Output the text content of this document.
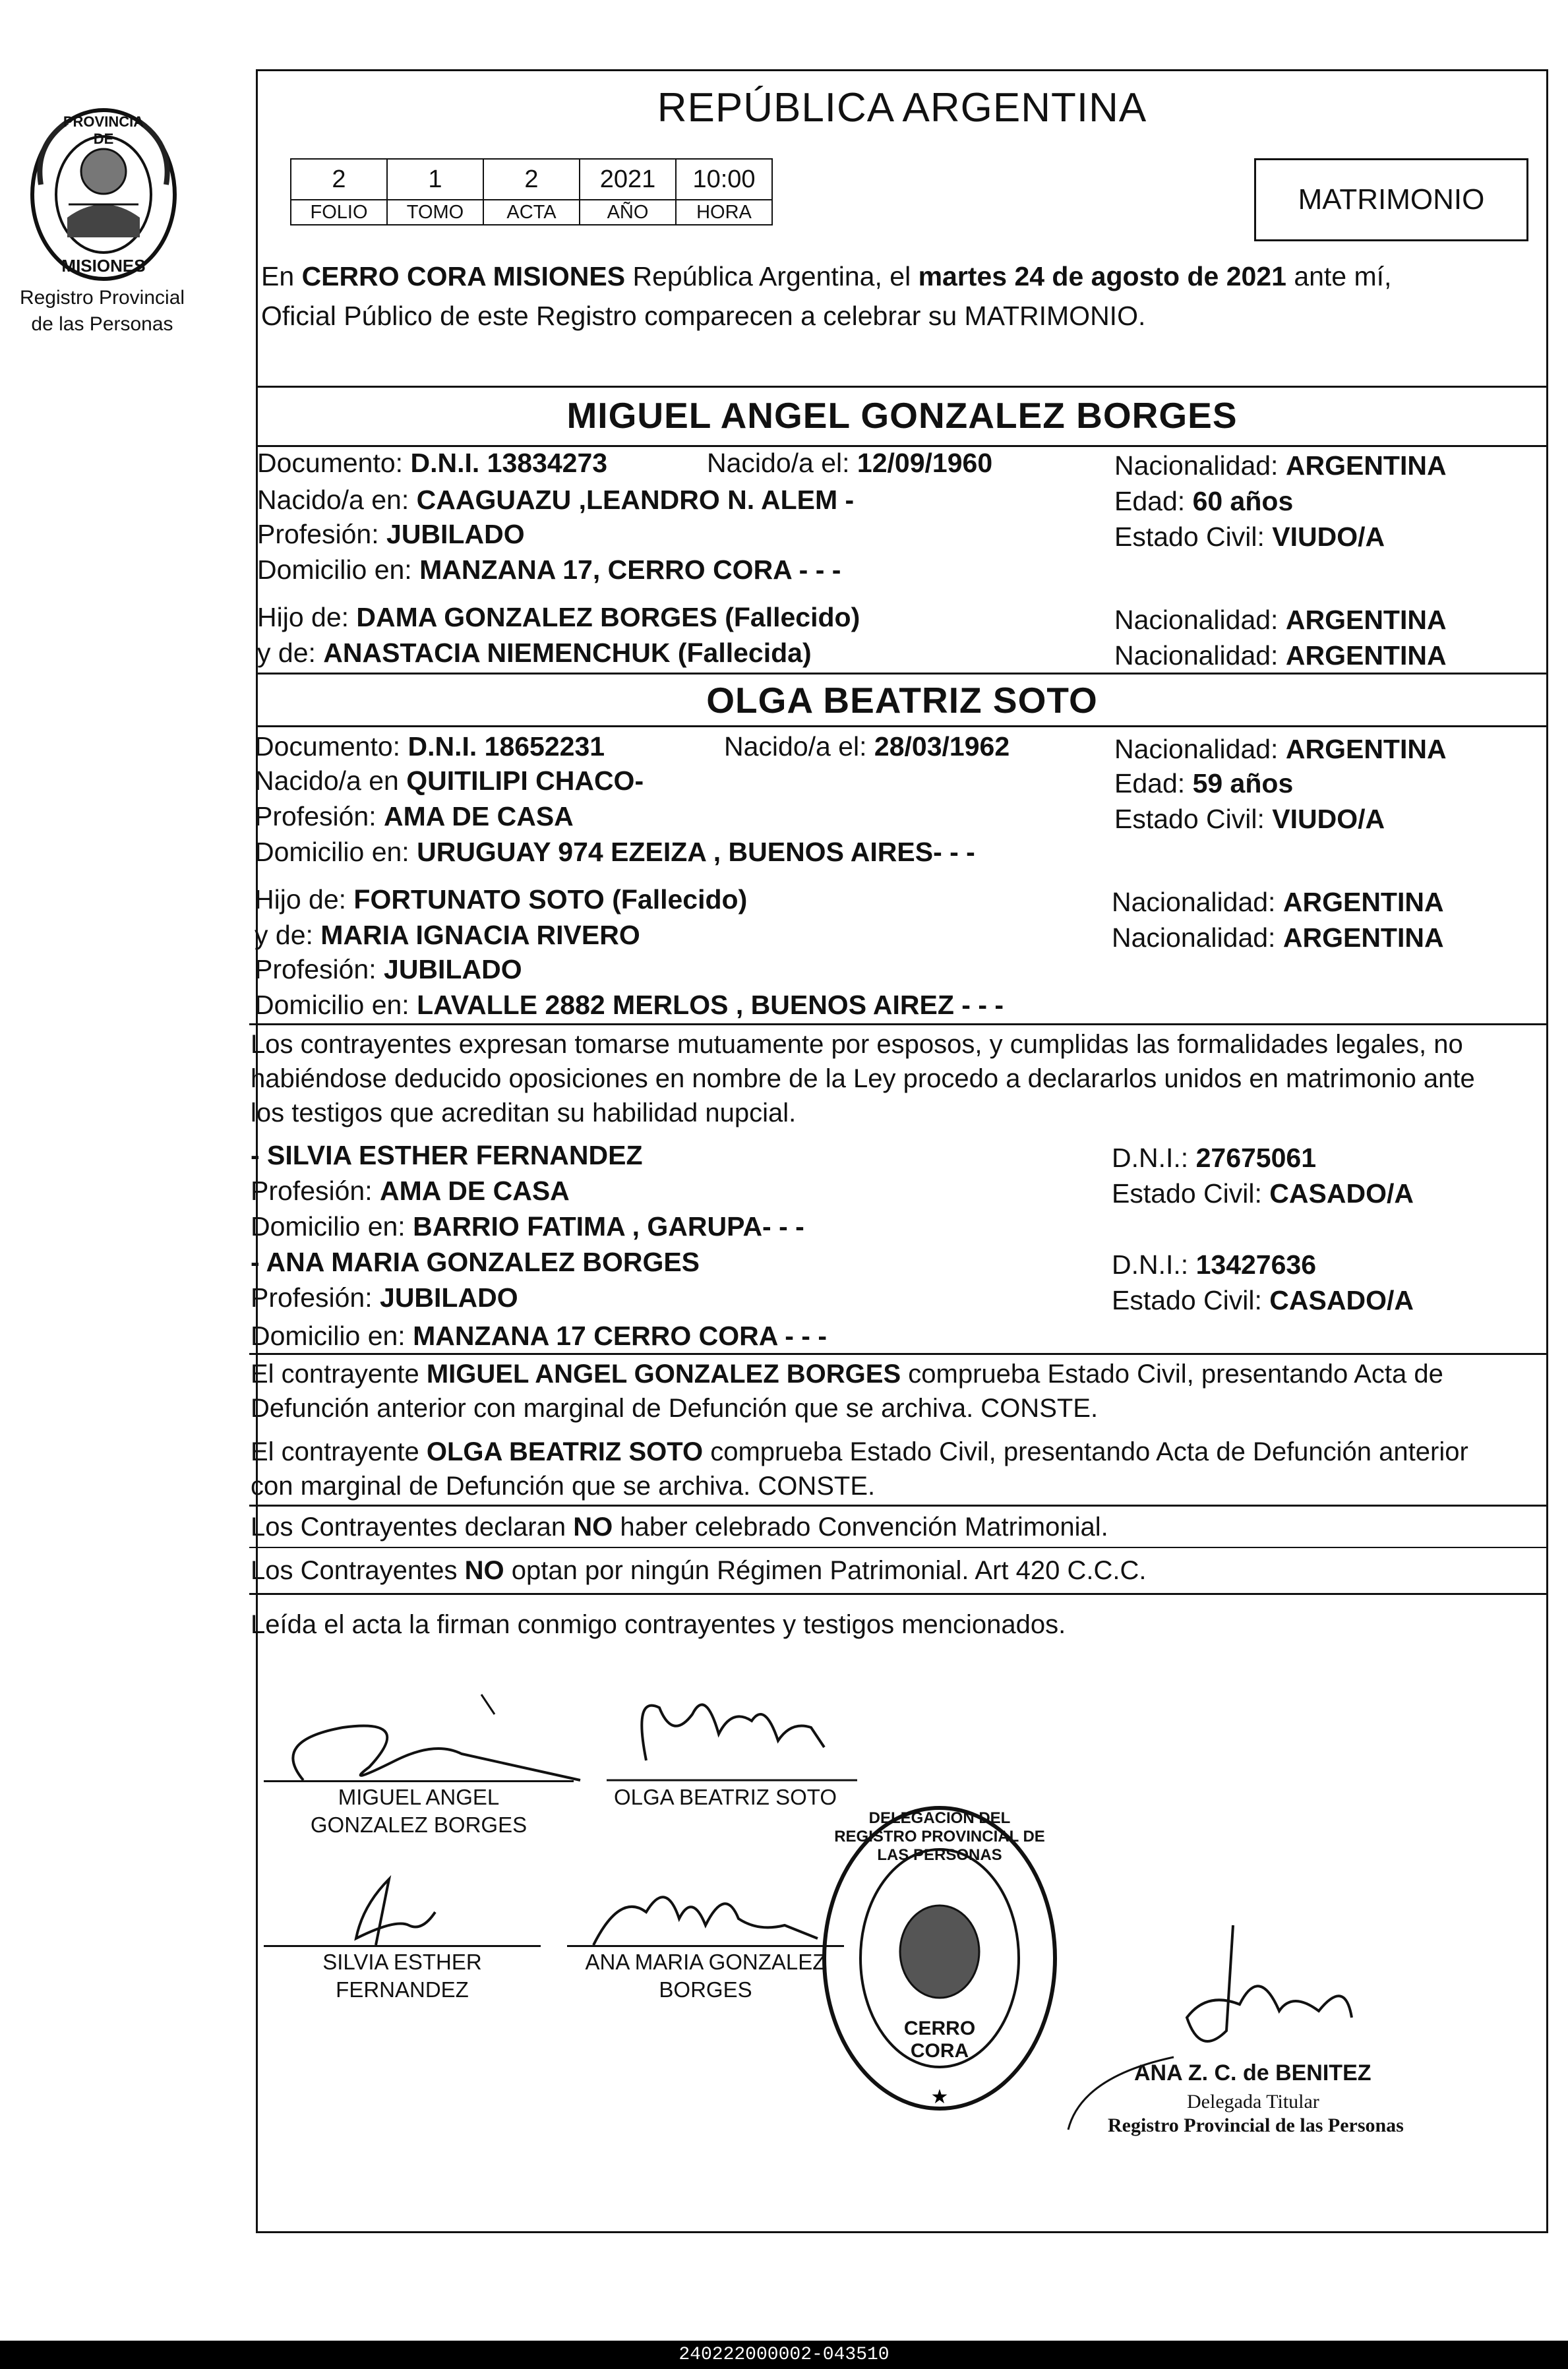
PROVINCIA DE
MISIONES
Registro Provincial
de las Personas
REPÚBLICA ARGENTINA
2	1	2	2021	10:00
FOLIO	TOMO	ACTA	AÑO	HORA	MATRIMONIO
En CERRO CORA MISIONES República Argentina, el martes 24 de agosto de 2021 ante mí,
Oficial Público de este Registro comparecen a celebrar su MATRIMONIO.
MIGUEL ANGEL GONZALEZ BORGES
Documento: D.N.I. 13834273	Nacido/a el: 12/09/1960	Nacionalidad: ARGENTINA
Nacido/a en: CAAGUAZU ,LEANDRO N. ALEM -	Edad: 60 años
Profesión: JUBILADO	Estado Civil: VIUDO/A
Domicilio en: MANZANA 17, CERRO CORA - - -
Hijo de: DAMA GONZALEZ BORGES (Fallecido)	Nacionalidad: ARGENTINA
y de: ANASTACIA NIEMENCHUK (Fallecida)	Nacionalidad: ARGENTINA
OLGA BEATRIZ SOTO
Documento: D.N.I. 18652231	Nacido/a el: 28/03/1962	Nacionalidad: ARGENTINA
Nacido/a en QUITILIPI CHACO-	Edad: 59 años
Profesión: AMA DE CASA	Estado Civil: VIUDO/A
Domicilio en: URUGUAY 974 EZEIZA , BUENOS AIRES- - -
Hijo de: FORTUNATO SOTO (Fallecido)	Nacionalidad: ARGENTINA
y de: MARIA IGNACIA RIVERO	Nacionalidad: ARGENTINA
Profesión: JUBILADO
Domicilio en: LAVALLE 2882 MERLOS , BUENOS AIREZ - - -
Los contrayentes expresan tomarse mutuamente por esposos, y cumplidas las formalidades legales, no
habiéndose deducido oposiciones en nombre de la Ley procedo a declararlos unidos en matrimonio ante
los testigos que acreditan su habilidad nupcial.
- SILVIA ESTHER FERNANDEZ	D.N.I.: 27675061
Profesión: AMA DE CASA	Estado Civil: CASADO/A
Domicilio en: BARRIO FATIMA , GARUPA- - -
- ANA MARIA GONZALEZ BORGES	D.N.I.: 13427636
Profesión: JUBILADO	Estado Civil: CASADO/A
Domicilio en: MANZANA 17 CERRO CORA - - -
El contrayente MIGUEL ANGEL GONZALEZ BORGES comprueba Estado Civil, presentando Acta de
Defunción anterior con marginal de Defunción que se archiva. CONSTE.
El contrayente OLGA BEATRIZ SOTO comprueba Estado Civil, presentando Acta de Defunción anterior
con marginal de Defunción que se archiva. CONSTE.
Los Contrayentes declaran NO haber celebrado Convención Matrimonial.
Los Contrayentes NO optan por ningún Régimen Patrimonial. Art 420 C.C.C.
Leída el acta la firman conmigo contrayentes y testigos mencionados.
MIGUEL ANGEL
GONZALEZ BORGES
OLGA BEATRIZ SOTO
SILVIA ESTHER
FERNANDEZ
ANA MARIA GONZALEZ
BORGES
★
DELEGACION DEL REGISTRO PROVINCIAL DE LAS PERSONAS
CERRO CORA
ANA Z. C. de BENITEZ
Delegada Titular
Registro Provincial de las Personas
240222000002-043510
